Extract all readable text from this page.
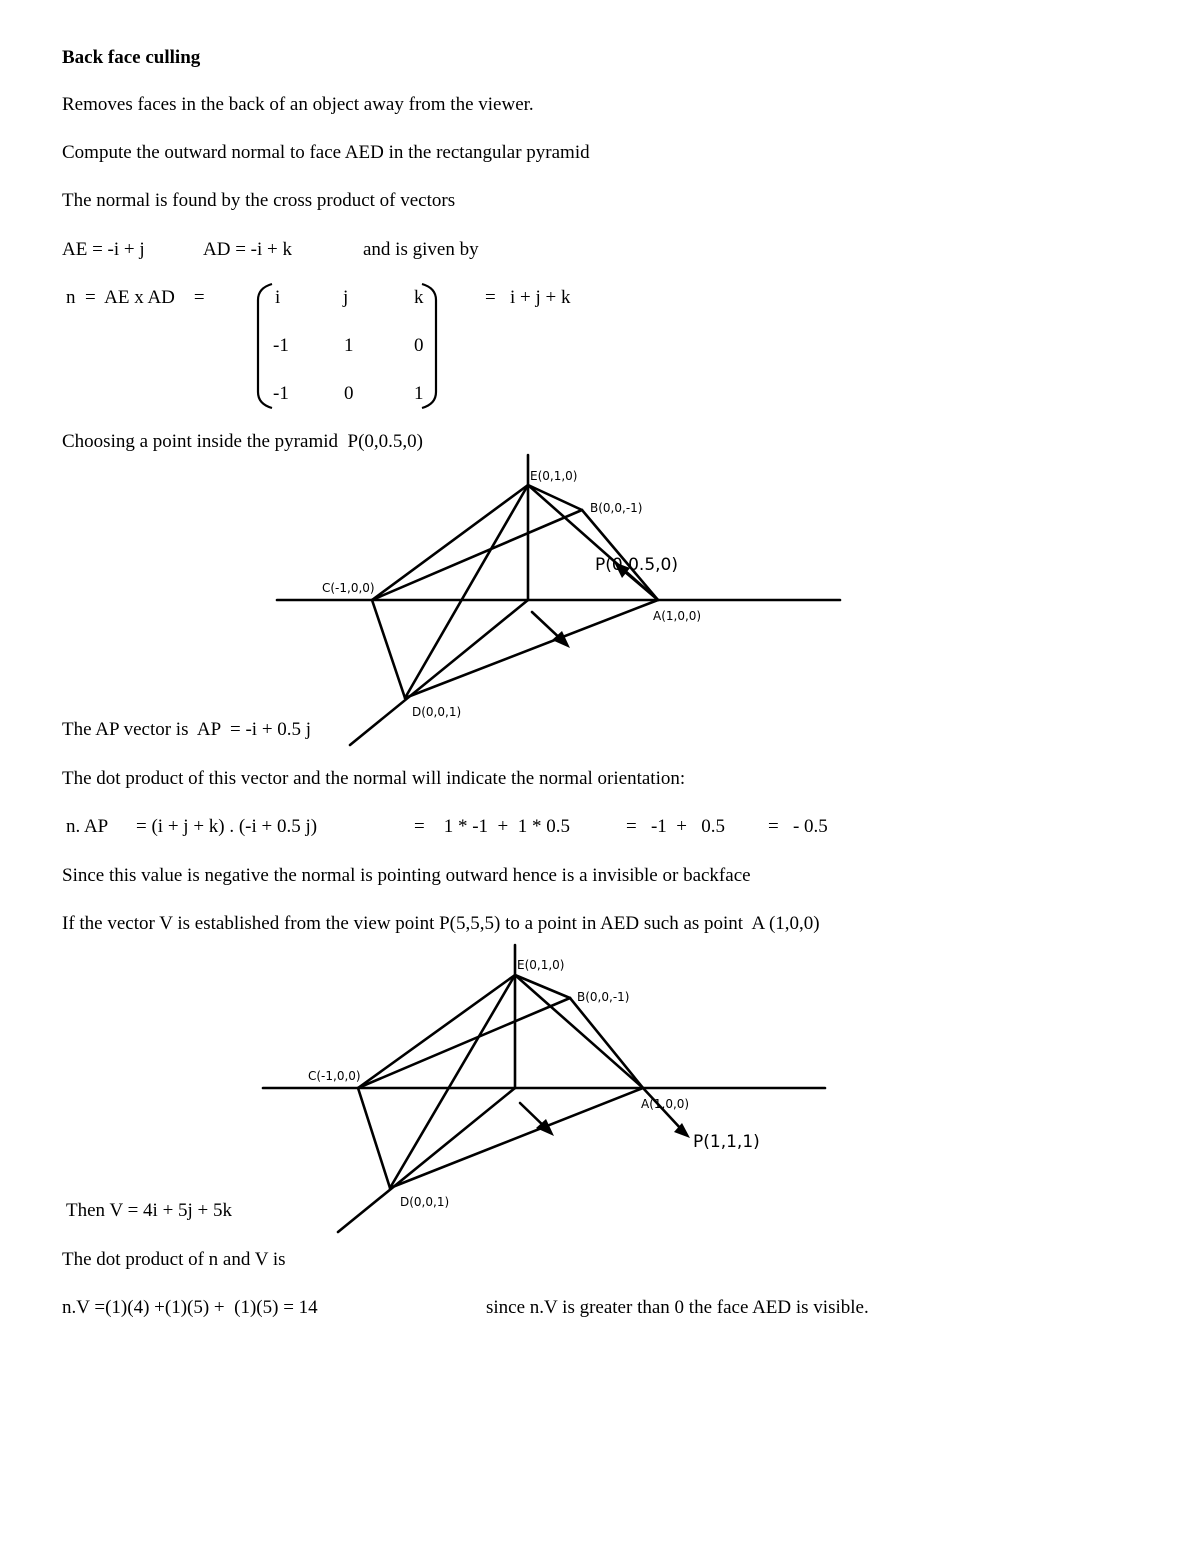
Back face culling
Removes faces in the back of an object away from the viewer.
Compute the outward normal to face AED in the rectangular pyramid
The normal is found by the cross product of vectors
AE = -i + j	AD = -i + k	and is given by
n  =  AE x AD    =	i	j	k
-1	1	0
-1	0	1
=   i + j + k
Choosing a point inside the pyramid  P(0,0.5,0)
E(0,1,0)
B(0,0,-1)
C(-1,0,0)
A(1,0,0)
D(0,0,1)
P(0,0.5,0)
The AP vector is  AP  = -i + 0.5 j
The dot product of this vector and the normal will indicate the normal orientation:
n. AP = (i + j + k) . (-i + 0.5 j)	=    1 * -1  +  1 * 0.5	=   -1  +   0.5 =   - 0.5
Since this value is negative the normal is pointing outward hence is a invisible or backface
If the vector V is established from the view point P(5,5,5) to a point in AED such as point  A (1,0,0)
E(0,1,0)
B(0,0,-1)
C(-1,0,0)
A(1,0,0)
D(0,0,1)
P(1,1,1)
Then V = 4i + 5j + 5k
The dot product of n and V is
n.V =(1)(4) +(1)(5) +  (1)(5) = 14	since n.V is greater than 0 the face AED is visible.
